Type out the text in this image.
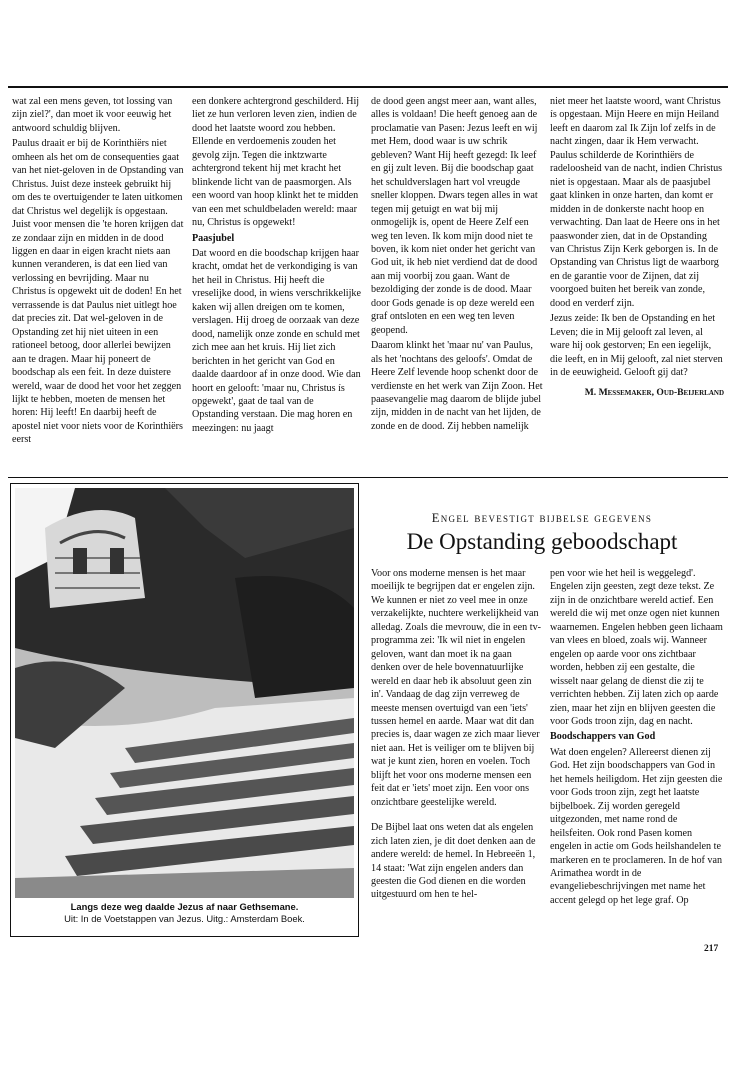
wat zal een mens geven, tot lossing van zijn ziel?', dan moet ik voor eeuwig het antwoord schuldig blijven.

Paulus draait er bij de Korinthiërs niet omheen als het om de consequenties gaat van het niet-geloven in de Opstanding van Christus. Juist deze insteek gebruikt hij om des te overtuigender te laten uitkomen dat Christus wel degelijk ís opgestaan. Juist voor mensen die 'te horen krijgen dat ze zondaar zijn en midden in de dood liggen en daar in eigen kracht niets aan kunnen veranderen, is dat een lied van verlossing en bevrijding. Maar nu Christus ís opgewekt uit de doden! En het verrassende is dat Paulus niet uitlegt hoe dat precies zit. Dat wel-geloven in de Opstanding zet hij niet uiteen in een rationeel betoog, door allerlei bewijzen aan te dragen. Maar hij poneert de boodschap als een feit. In deze duistere wereld, waar de dood het voor het zeggen lijkt te hebben, moeten de mensen het horen: Hij leeft! En daarbij heeft de apostel niet voor niets voor de Korinthiërs eerst

een donkere achtergrond geschilderd. Hij liet ze hun verloren leven zien, indien de dood het laatste woord zou hebben. Ellende en verdoemenis zouden het gevolg zijn. Tegen die inktzwarte achtergrond tekent hij met kracht het blinkende licht van de paasmorgen. Als een woord van hoop klinkt het te midden van een met schuldbeladen wereld: maar nu, Christus ís opgewekt!

Paasjubel

Dat woord en die boodschap krijgen haar kracht, omdat het de verkondiging is van het heil in Christus. Hij heeft die vreselijke dood, in wiens verschrikkelijke kaken wij allen dreigen om te komen, verslagen. Hij droeg de oorzaak van deze dood, namelijk onze zonde en schuld met zich mee aan het kruis. Hij liet zich berichten in het gericht van God en daalde daardoor af in onze dood. Wie dan hoort en gelooft: 'maar nu, Christus ís opgewekt', gaat de taal van de Opstanding verstaan. Die mag horen en meezingen: nu jaagt

de dood geen angst meer aan, want alles, alles is voldaan! Die heeft genoeg aan de proclamatie van Pasen: Jezus leeft en wij met Hem, dood waar is uw schrik gebleven? Want Hij heeft gezegd: Ik leef en gij zult leven. Bij die boodschap gaat het schuldverslagen hart vol vreugde sneller kloppen. Dwars tegen alles in wat tegen mij getuigt en wat bij mij onmogelijk is, opent de Heere Zelf een weg ten leven. Ik kom mijn dood niet te boven, ik kom niet onder het gericht van God uit, ik heb niet verdiend dat de dood aan mij voorbij zou gaan. Want de bezoldiging der zonde is de dood. Maar door Gods genade is op deze wereld een graf ontsloten en een weg ten leven geopend.

Daarom klinkt het 'maar nu' van Paulus, als het 'nochtans des geloofs'. Omdat de Heere Zelf levende hoop schenkt door de verdienste en het werk van Zijn Zoon. Het paasevangelie mag daarom de blijde jubel zijn, midden in de nacht van het lijden, de zonde en de dood. Zij hebben namelijk

niet meer het laatste woord, want Christus ís opgestaan. Mijn Heere en mijn Heiland leeft en daarom zal Ik Zijn lof zelfs in de nacht zingen, daar ik Hem verwacht. Paulus schilderde de Korinthiërs de radeloosheid van de nacht, indien Christus niet is opgestaan. Maar als de paasjubel gaat klinken in onze harten, dan komt er midden in de donkerste nacht hoop en verwachting. Dan laat de Heere ons in het paaswonder zien, dat in de Opstanding van Christus Zijn Kerk geborgen is. In de Opstanding van Christus ligt de waarborg en de garantie voor de Zijnen, dat zij voorgoed buiten het bereik van zonde, dood en verderf zijn.

Jezus zeide: Ik ben de Opstanding en het Leven; die in Mij gelooft zal leven, al ware hij ook gestorven; En een iegelijk, die leeft, en in Mij gelooft, zal niet sterven in de eeuwigheid. Gelooft gij dat?

M. Messemaker, Oud-Beijerland
Langs deze weg daalde Jezus af naar Gethsemane.
Uit: In de Voetstappen van Jezus. Uitg.: Amsterdam Boek.
Engel bevestigt bijbelse gegevens
De Opstanding geboodschapt

Voor ons moderne mensen is het maar moeilijk te begrijpen dat er engelen zijn. We kunnen er niet zo veel mee in onze verzakelijkte, nuchtere werkelijkheid van alledag. Zoals die mevrouw, die in een tv-programma zei: 'Ik wil niet in engelen geloven, want dan moet ik na gaan denken over de hele bovennatuurlijke wereld en daar heb ik absoluut geen zin in'. Vandaag de dag zijn verreweg de meeste mensen overtuigd van een 'iets' tussen hemel en aarde. Maar wat dit dan precies is, daar wagen ze zich maar liever niet aan. Het is veiliger om te blijven bij wat je kunt zien, horen en voelen. Toch blijft het voor ons moderne mensen een feit dat er 'iets' moet zijn. Een voor ons onzichtbare geestelijke wereld.

De Bijbel laat ons weten dat als engelen zich laten zien, je dit doet denken aan de andere wereld: de hemel. In Hebreeën 1, 14 staat: 'Wat zijn engelen anders dan geesten die God dienen en die worden uitgestuurd om hen te hel-

pen voor wie het heil is weggelegd'. Engelen zijn geesten, zegt deze tekst. Ze zijn in de onzichtbare wereld actief. Een wereld die wij met onze ogen niet kunnen waarnemen. Engelen hebben geen lichaam van vlees en bloed, zoals wij. Wanneer engelen op aarde voor ons zichtbaar worden, hebben zij een gestalte, die wisselt naar gelang de dienst die zij te verrichten hebben. Zij laten zich op aarde zien, maar het zijn en blijven geesten die voor Gods troon zijn, dag en nacht.

Boodschappers van God

Wat doen engelen? Allereerst dienen zij God. Het zijn boodschappers van God in het hemels heiligdom. Het zijn geesten die voor Gods troon zijn, zegt het laatste bijbelboek. Zij worden geregeld uitgezonden, met name rond de heilsfeiten. Ook rond Pasen komen engelen in actie om Gods heilshandelen te markeren en te proclameren. In de hof van Arimathea wordt in de evangeliebeschrijvingen met name het accent gelegd op het lege graf. Op

217
